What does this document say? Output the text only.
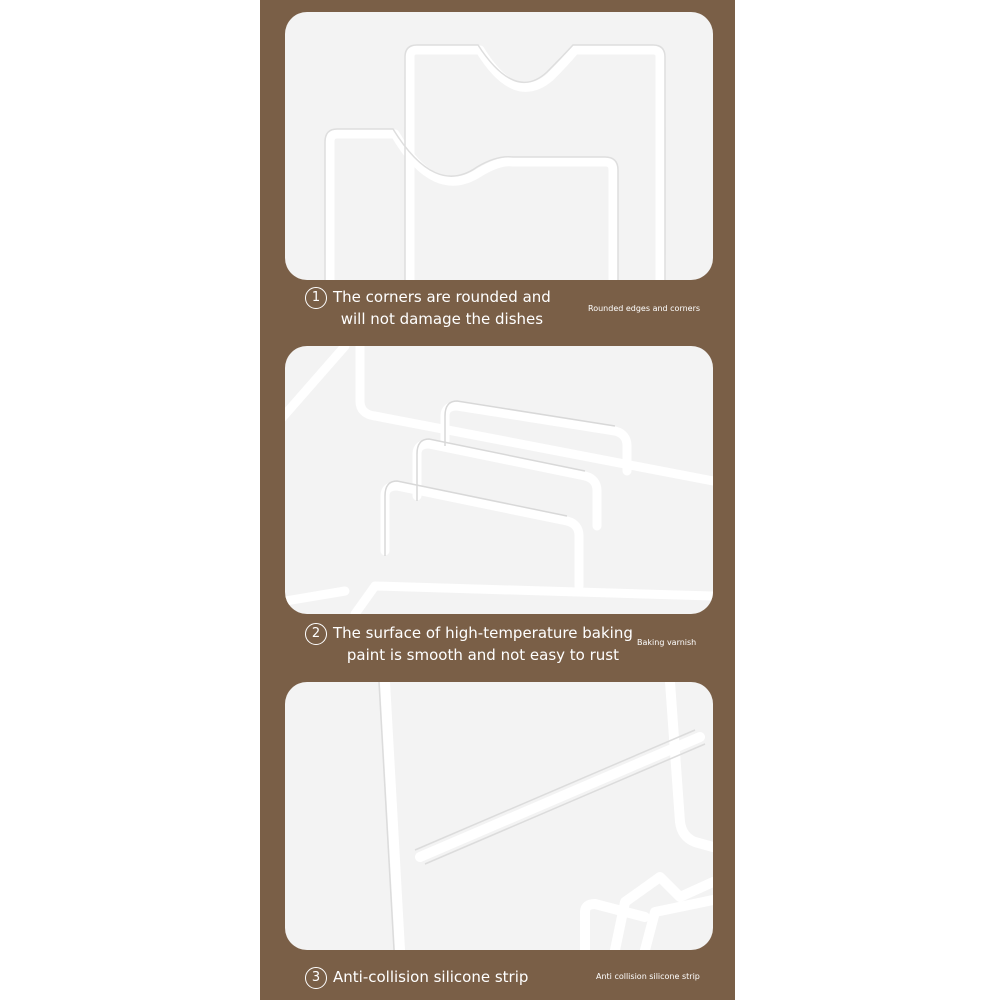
1 The corners are rounded and
will not damage the dishes
Rounded edges and corners
2 The surface of high-temperature baking
paint is smooth and not easy to rust
Baking varnish
3 Anti-collision silicone strip	Anti collision silicone strip
